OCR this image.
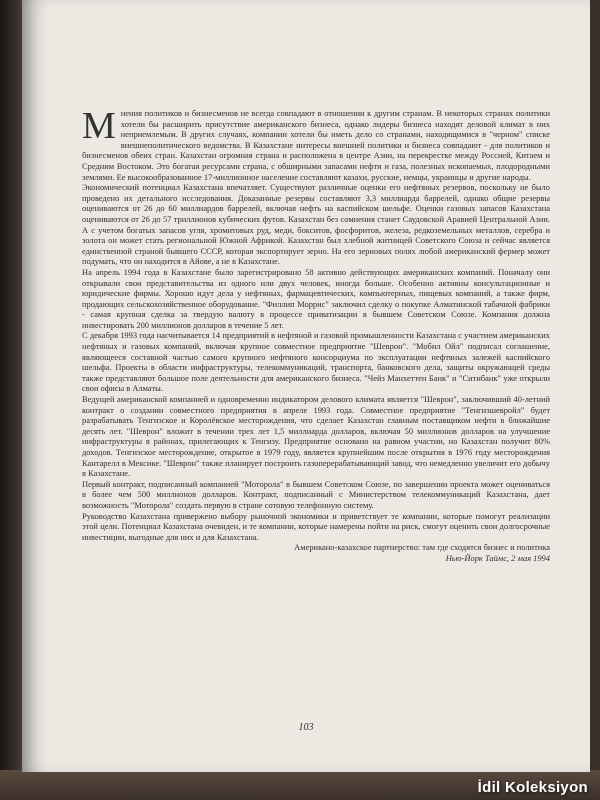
Мнения политиков и бизнесменов не всегда совпадают в отношении к другим странам. В некоторых странах политики хотели бы расширить присутствие американского бизнеса, однако лидеры бизнеса находят деловой климат в них неприемлемым. В других случаях, компании хотели бы иметь дело со странами, находящимися в "черном" списке внешнеполитического ведомства. В Казахстане интересы внешней политики и бизнеса совпадают - для политиков и бизнесменов обеих стран. Казахстан огромная страна и расположена в центре Азии, на перекрестке между Россией, Китаем и Средним Востоком. Это богатая ресурсами страна, с обширными запасами нефти и газа, полезных ископаемых, плодородными землями. Ее высокообразованное 17-миллионное население составляют казахи, русские, немцы, украинцы и другие народы.

Экономический потенциал Казахстана впечатляет. Существуют различные оценки его нефтяных резервов, поскольку не было проведено их детального исследования. Доказанные резервы составляют 3,3 миллиарда баррелей, однако общие резервы оцениваются от 26 до 60 миллиардов баррелей, включая нефть на каспийском шельфе. Оценки газовых запасов Казахстана оцениваются от 26 до 57 триллионов кубических футов. Казахстан без сомнения станет Саудовской Аравией Центральной Азии. А с учетом богатых запасов угля, хромитовых руд, меди, бокситов, фосфоритов, железа, редкоземельных металлов, серебра и золота он может стать региональной Южной Африкой. Казахстан был хлебной житницей Советского Союза и сейчас является единственной страной бывшего СССР, которая экспортирует зерно. На его зерновых полях любой американский фермер может подумать, что он находится в Айове, а не в Казахстане.

На апрель 1994 года в Казахстане было зарегистрировано 58 активно действующих американских компаний. Поначалу они открывали свои представительства из одного или двух человек, иногда больше. Особенно активны консультационные и юридические фирмы. Хорошо идут дела у нефтяных, фармацевтических, компьютерных, пищевых компаний, а также фирм, продающих сельскохозяйственное оборудование. "Филлип Моррис" заключил сделку о покупке Алматинской табачной фабрики - самая крупная сделка за твердую валюту в процессе приватизации в бывшем Советском Союзе. Компания должна инвестировать 200 миллионов долларов в течение 5 лет.

С декабря 1993 года насчитывается 14 предприятий в нефтяной и газовой промышленности Казахстана с участием американских нефтяных и газовых компаний, включая крупное совместное предприятие "Шеврон". "Мобил Ойл" подписал соглашение, являющееся составной частью самого крупного нефтяного консорциума по эксплуатации нефтяных залежей каспийского шельфа. Проекты в области инфраструктуры, телекоммуникаций, транспорта, банковского дела, защиты окружающей среды также представляют большое поле деятельности для американского бизнеса. "Чейз Манхеттен Банк" и "Ситибанк" уже открыли свои офисы в Алматы.

Ведущей американской компанией и одновременно индикатором делового климата является "Шеврон", заключивший 40-летний контракт о создании совместного предприятия в апреле 1993 года. Совместное предприятие "Тенгизшевройл" будет разрабатывать Тенгизское и Королёвское месторождения, что сделает Казахстан главным поставщиком нефти в ближайшие десять лет. "Шеврон" вложит в течении трех лет 1,5 миллиарда долларов, включая 50 миллионов долларов на улучшение инфраструктуры в районах, прилегающих к Тенгизу. Предприятие основано на равном участии, но Казахстан получит 80% доходов. Тенгизское месторождение, открытое в 1979 году, является крупнейшим после открытия в 1976 году месторождения Кантарелл в Мексике. "Шеврон" также планирует построить газоперерабатывающий завод, что немедленно увеличит его добычу в Казахстане.

Первый контракт, подписанный компанией "Моторола" в бывшем Советском Союзе, по завершении проекта может оцениваться в более чем 500 миллионов долларов. Контракт, подписанный с Министерством телекоммуникаций Казахстана, дает возможность "Моторола" создать первую в стране сотовую телефонную систему.

Руководство Казахстана привержено выбору рыночной экономики и приветствует те компании, которые помогут реализации этой цели. Потенциал Казахстана очевиден, и те компании, которые намерены пойти на риск, смогут оценить свои долгосрочные инвестиции, выгодные для них и для Казахстана.

Американо-казахское партнерство: там где сходятся бизнес и политика

Нью-Йорк Таймс, 2 мая 1994

103
İdil Koleksiyon
